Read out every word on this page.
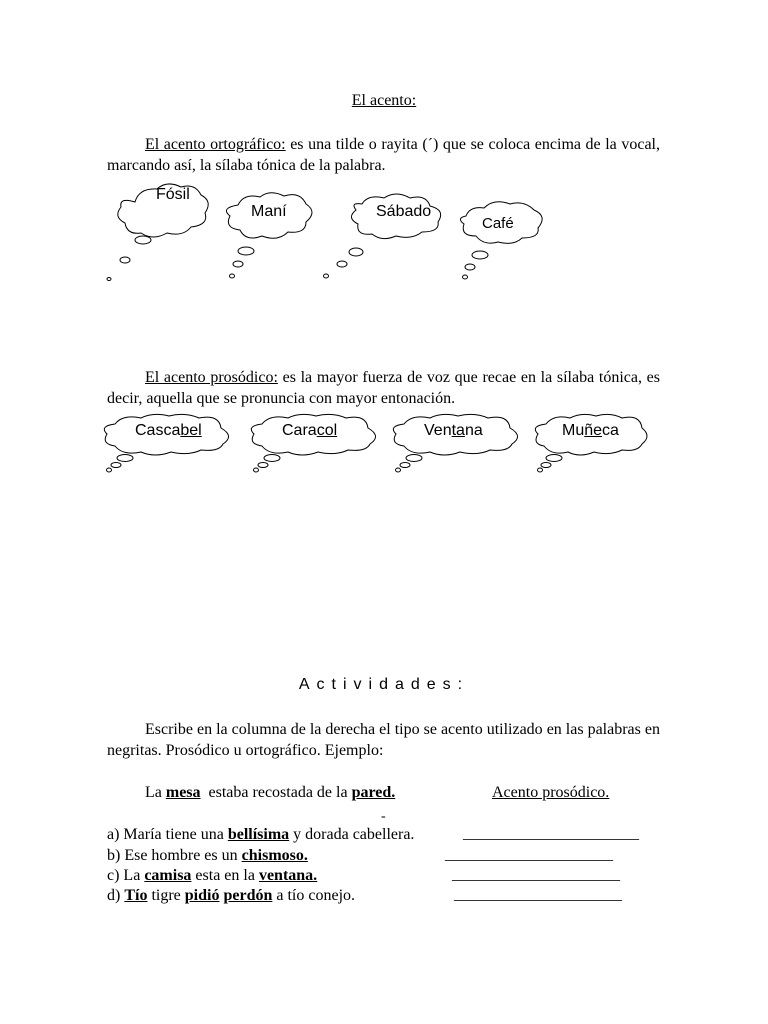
El acento:
El acento ortográfico: es una tilde o rayita (´) que se coloca encima de la vocal, marcando así, la sílaba tónica de la palabra.
Fósil
Maní	Sábado
Café
El acento prosódico: es la mayor fuerza de voz que recae en la sílaba tónica, es decir, aquella que se pronuncia con mayor entonación.
Cascabel	Caracol	Ventana	Muñeca
Actividades:
Escribe en la columna de la derecha el tipo se acento utilizado en las palabras en negritas. Prosódico u ortográfico. Ejemplo:
La mesa  estaba recostada de la pared.	Acento prosódico.
-
a) María tiene una bellísima y dorada cabellera.	______________________
b) Ese hombre es un chismoso.	_____________________
c) La camisa esta en la ventana.	_____________________
d) Tío tigre pidió perdón a tío conejo.	_____________________
